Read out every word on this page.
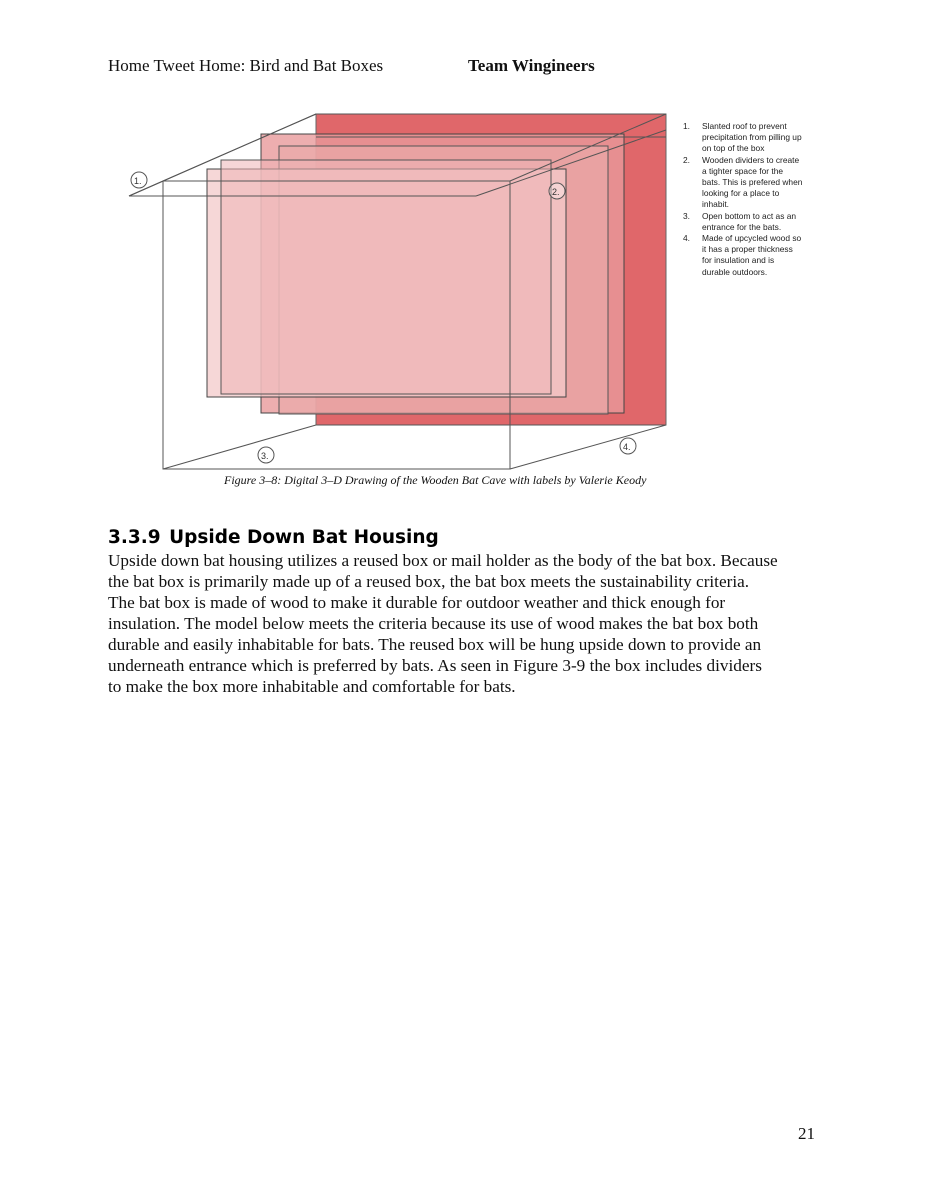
Home Tweet Home: Bird and Bat Boxes	Team Wingineers
1.
2.
3.
4.
1.	Slanted roof to prevent
precipitation from pilling up
on top of the box
2.	Wooden dividers to create
a tighter space for the
bats. This is prefered when
looking for a place to
inhabit.
3.	Open bottom to act as an
entrance for the bats.
4.	Made of upcycled wood so
it has a proper thickness
for insulation and is
durable outdoors.
Figure 3–8: Digital 3–D Drawing of the Wooden Bat Cave with labels by Valerie Keody
3.3.9 Upside Down Bat Housing
Upside down bat housing utilizes a reused box or mail holder as the body of the bat box. Because
the bat box is primarily made up of a reused box, the bat box meets the sustainability criteria.
The bat box is made of wood to make it durable for outdoor weather and thick enough for
insulation. The model below meets the criteria because its use of wood makes the bat box both
durable and easily inhabitable for bats. The reused box will be hung upside down to provide an
underneath entrance which is preferred by bats. As seen in Figure 3-9 the box includes dividers
to make the box more inhabitable and comfortable for bats.
21
